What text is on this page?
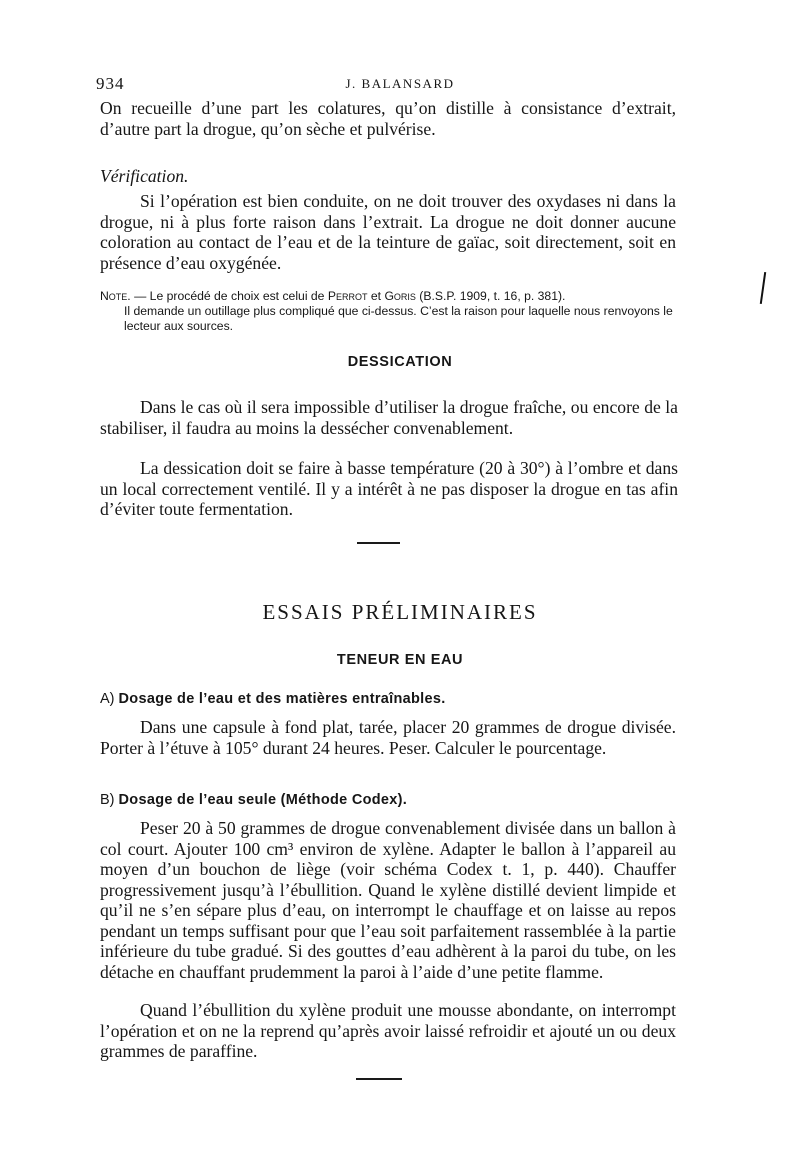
934	J. BALANSARD

On recueille d’une part les colatures, qu’on distille à consistance d’extrait, d’autre part la drogue, qu’on sèche et pulvérise.

Vérification.

Si l’opération est bien conduite, on ne doit trouver des oxydases ni dans la drogue, ni à plus forte raison dans l’extrait. La drogue ne doit donner aucune coloration au contact de l’eau et de la teinture de gaïac, soit directement, soit en présence d’eau oxygénée.

Note. — Le procédé de choix est celui de Perrot et Goris (B.S.P. 1909, t. 16, p. 381).
Il demande un outillage plus compliqué que ci-dessus. C’est la raison pour laquelle nous renvoyons le lecteur aux sources.

DESSICATION

Dans le cas où il sera impossible d’utiliser la drogue fraîche, ou encore de la stabiliser, il faudra au moins la dessécher convenablement.

La dessication doit se faire à basse température (20 à 30°) à l’ombre et dans un local correctement ventilé. Il y a intérêt à ne pas disposer la drogue en tas afin d’éviter toute fermentation.

ESSAIS PRÉLIMINAIRES
TENEUR EN EAU
A) Dosage de l’eau et des matières entraînables.

Dans une capsule à fond plat, tarée, placer 20 grammes de drogue divisée. Porter à l’étuve à 105° durant 24 heures. Peser. Calculer le pourcentage.

B) Dosage de l’eau seule (Méthode Codex).

Peser 20 à 50 grammes de drogue convenablement divisée dans un ballon à col court. Ajouter 100 cm³ environ de xylène. Adapter le ballon à l’appareil au moyen d’un bouchon de liège (voir schéma Codex t. 1, p. 440). Chauffer progressivement jusqu’à l’ébullition. Quand le xylène distillé devient limpide et qu’il ne s’en sépare plus d’eau, on interrompt le chauffage et on laisse au repos pendant un temps suffisant pour que l’eau soit parfaitement rassemblée à la partie inférieure du tube gradué. Si des gouttes d’eau adhèrent à la paroi du tube, on les détache en chauffant prudemment la paroi à l’aide d’une petite flamme.

Quand l’ébullition du xylène produit une mousse abondante, on interrompt l’opération et on ne la reprend qu’après avoir laissé refroidir et ajouté un ou deux grammes de paraffine.
